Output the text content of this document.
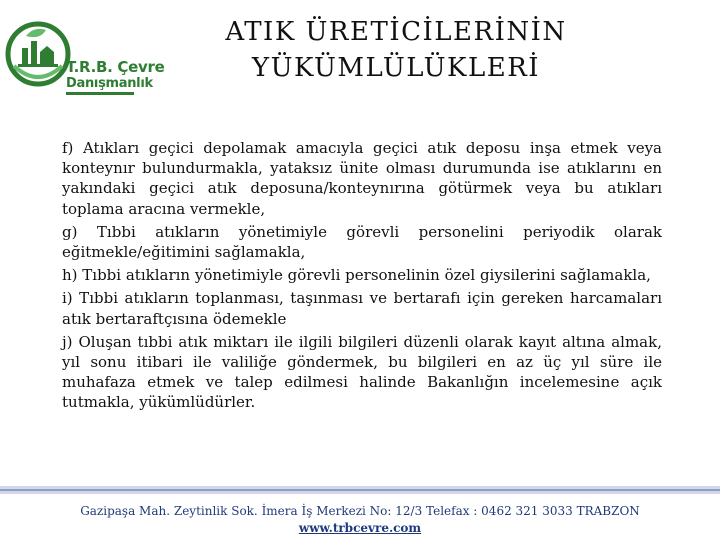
T.R.B. Çevre
Danışmanlık
ATIK ÜRETİCİLERİNİN
YÜKÜMLÜLÜKLERİ

f) Atıkları geçici depolamak amacıyla geçici atık deposu inşa etmek veya konteynır bulundurmakla, yataksız ünite olması durumunda ise atıklarını en yakındaki geçici atık deposuna/konteynırına götürmek veya bu atıkları toplama aracına vermekle,

g) Tıbbi atıkların yönetimiyle görevli personelini periyodik olarak eğitmekle/eğitimini sağlamakla,

h) Tıbbi atıkların yönetimiyle görevli personelinin özel giysilerini sağlamakla,

i) Tıbbi atıkların toplanması, taşınması ve bertarafı için gereken harcamaları atık bertaraftçısına ödemekle

j) Oluşan tıbbi atık miktarı ile ilgili bilgileri düzenli olarak kayıt altına almak, yıl sonu itibari ile valiliğe göndermek, bu bilgileri en az üç yıl süre ile muhafaza etmek ve talep edilmesi halinde Bakanlığın incelemesine açık tutmakla, yükümlüdürler.

Gazipaşa Mah. Zeytinlik Sok. İmera İş Merkezi No: 12/3 Telefax : 0462 321 3033 TRABZON
www.trbcevre.com
